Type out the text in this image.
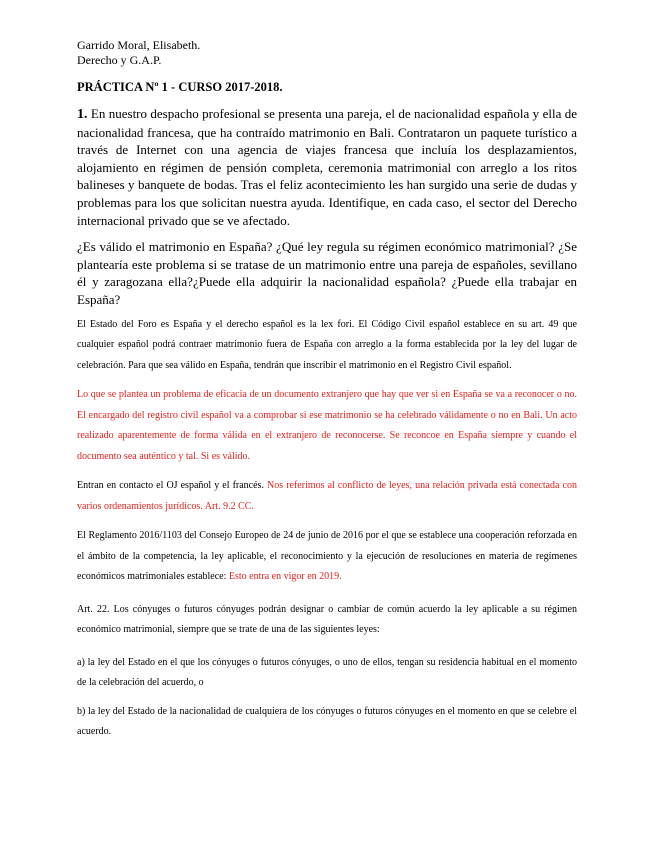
Garrido Moral, Elisabeth.
Derecho y G.A.P.
PRÁCTICA Nº 1 - CURSO 2017-2018.
1. En nuestro despacho profesional se presenta una pareja, el de nacionalidad española y ella de nacionalidad francesa, que ha contraído matrimonio en Bali. Contrataron un paquete turístico a través de Internet con una agencia de viajes francesa que incluía los desplazamientos, alojamiento en régimen de pensión completa, ceremonia matrimonial con arreglo a los ritos balineses y banquete de bodas. Tras el feliz acontecimiento les han surgido una serie de dudas y problemas para los que solicitan nuestra ayuda. Identifique, en cada caso, el sector del Derecho internacional privado que se ve afectado.
¿Es válido el matrimonio en España? ¿Qué ley regula su régimen económico matrimonial? ¿Se plantearía este problema si se tratase de un matrimonio entre una pareja de españoles, sevillano él y zaragozana ella?¿Puede ella adquirir la nacionalidad española? ¿Puede ella trabajar en España?
El Estado del Foro es España y el derecho español es la lex fori. El Código Civil español establece en su art. 49 que cualquier español podrá contraer matrimonio fuera de España con arreglo a la forma establecida por la ley del lugar de celebración. Para que sea válido en España, tendrán que inscribir el matrimonio en el Registro Civil español.
Lo que se plantea un problema de eficacia de un documento extranjero que hay que ver si en España se va a reconocer o no. El encargado del registro civil español va a comprobar si ese matrimonio se ha celebrado válidamente o no en Bali. Un acto realizado aparentemente de forma válida en el extranjero de reconocerse. Se reconcoe en España siempre y cuando el documento sea auténtico y tal. Si es válido.
Entran en contacto el OJ español y el francés. Nos referimos al conflicto de leyes, una relación privada está conectada con varios ordenamientos jurídicos. Art. 9.2 CC.
El Reglamento 2016/1103 del Consejo Europeo de 24 de junio de 2016 por el que se establece una cooperación reforzada en el ámbito de la competencia, la ley aplicable, el reconocimiento y la ejecución de resoluciones en materia de regímenes económicos matrimoniales establece: Esto entra en vigor en 2019.
Art. 22. Los cónyuges o futuros cónyuges podrán designar o cambiar de común acuerdo la ley aplicable a su régimen económico matrimonial, siempre que se trate de una de las siguientes leyes:
a) la ley del Estado en el que los cónyuges o futuros cónyuges, o uno de ellos, tengan su residencia habitual en el momento de la celebración del acuerdo, o
b) la ley del Estado de la nacionalidad de cualquiera de los cónyuges o futuros cónyuges en el momento en que se celebre el acuerdo.
